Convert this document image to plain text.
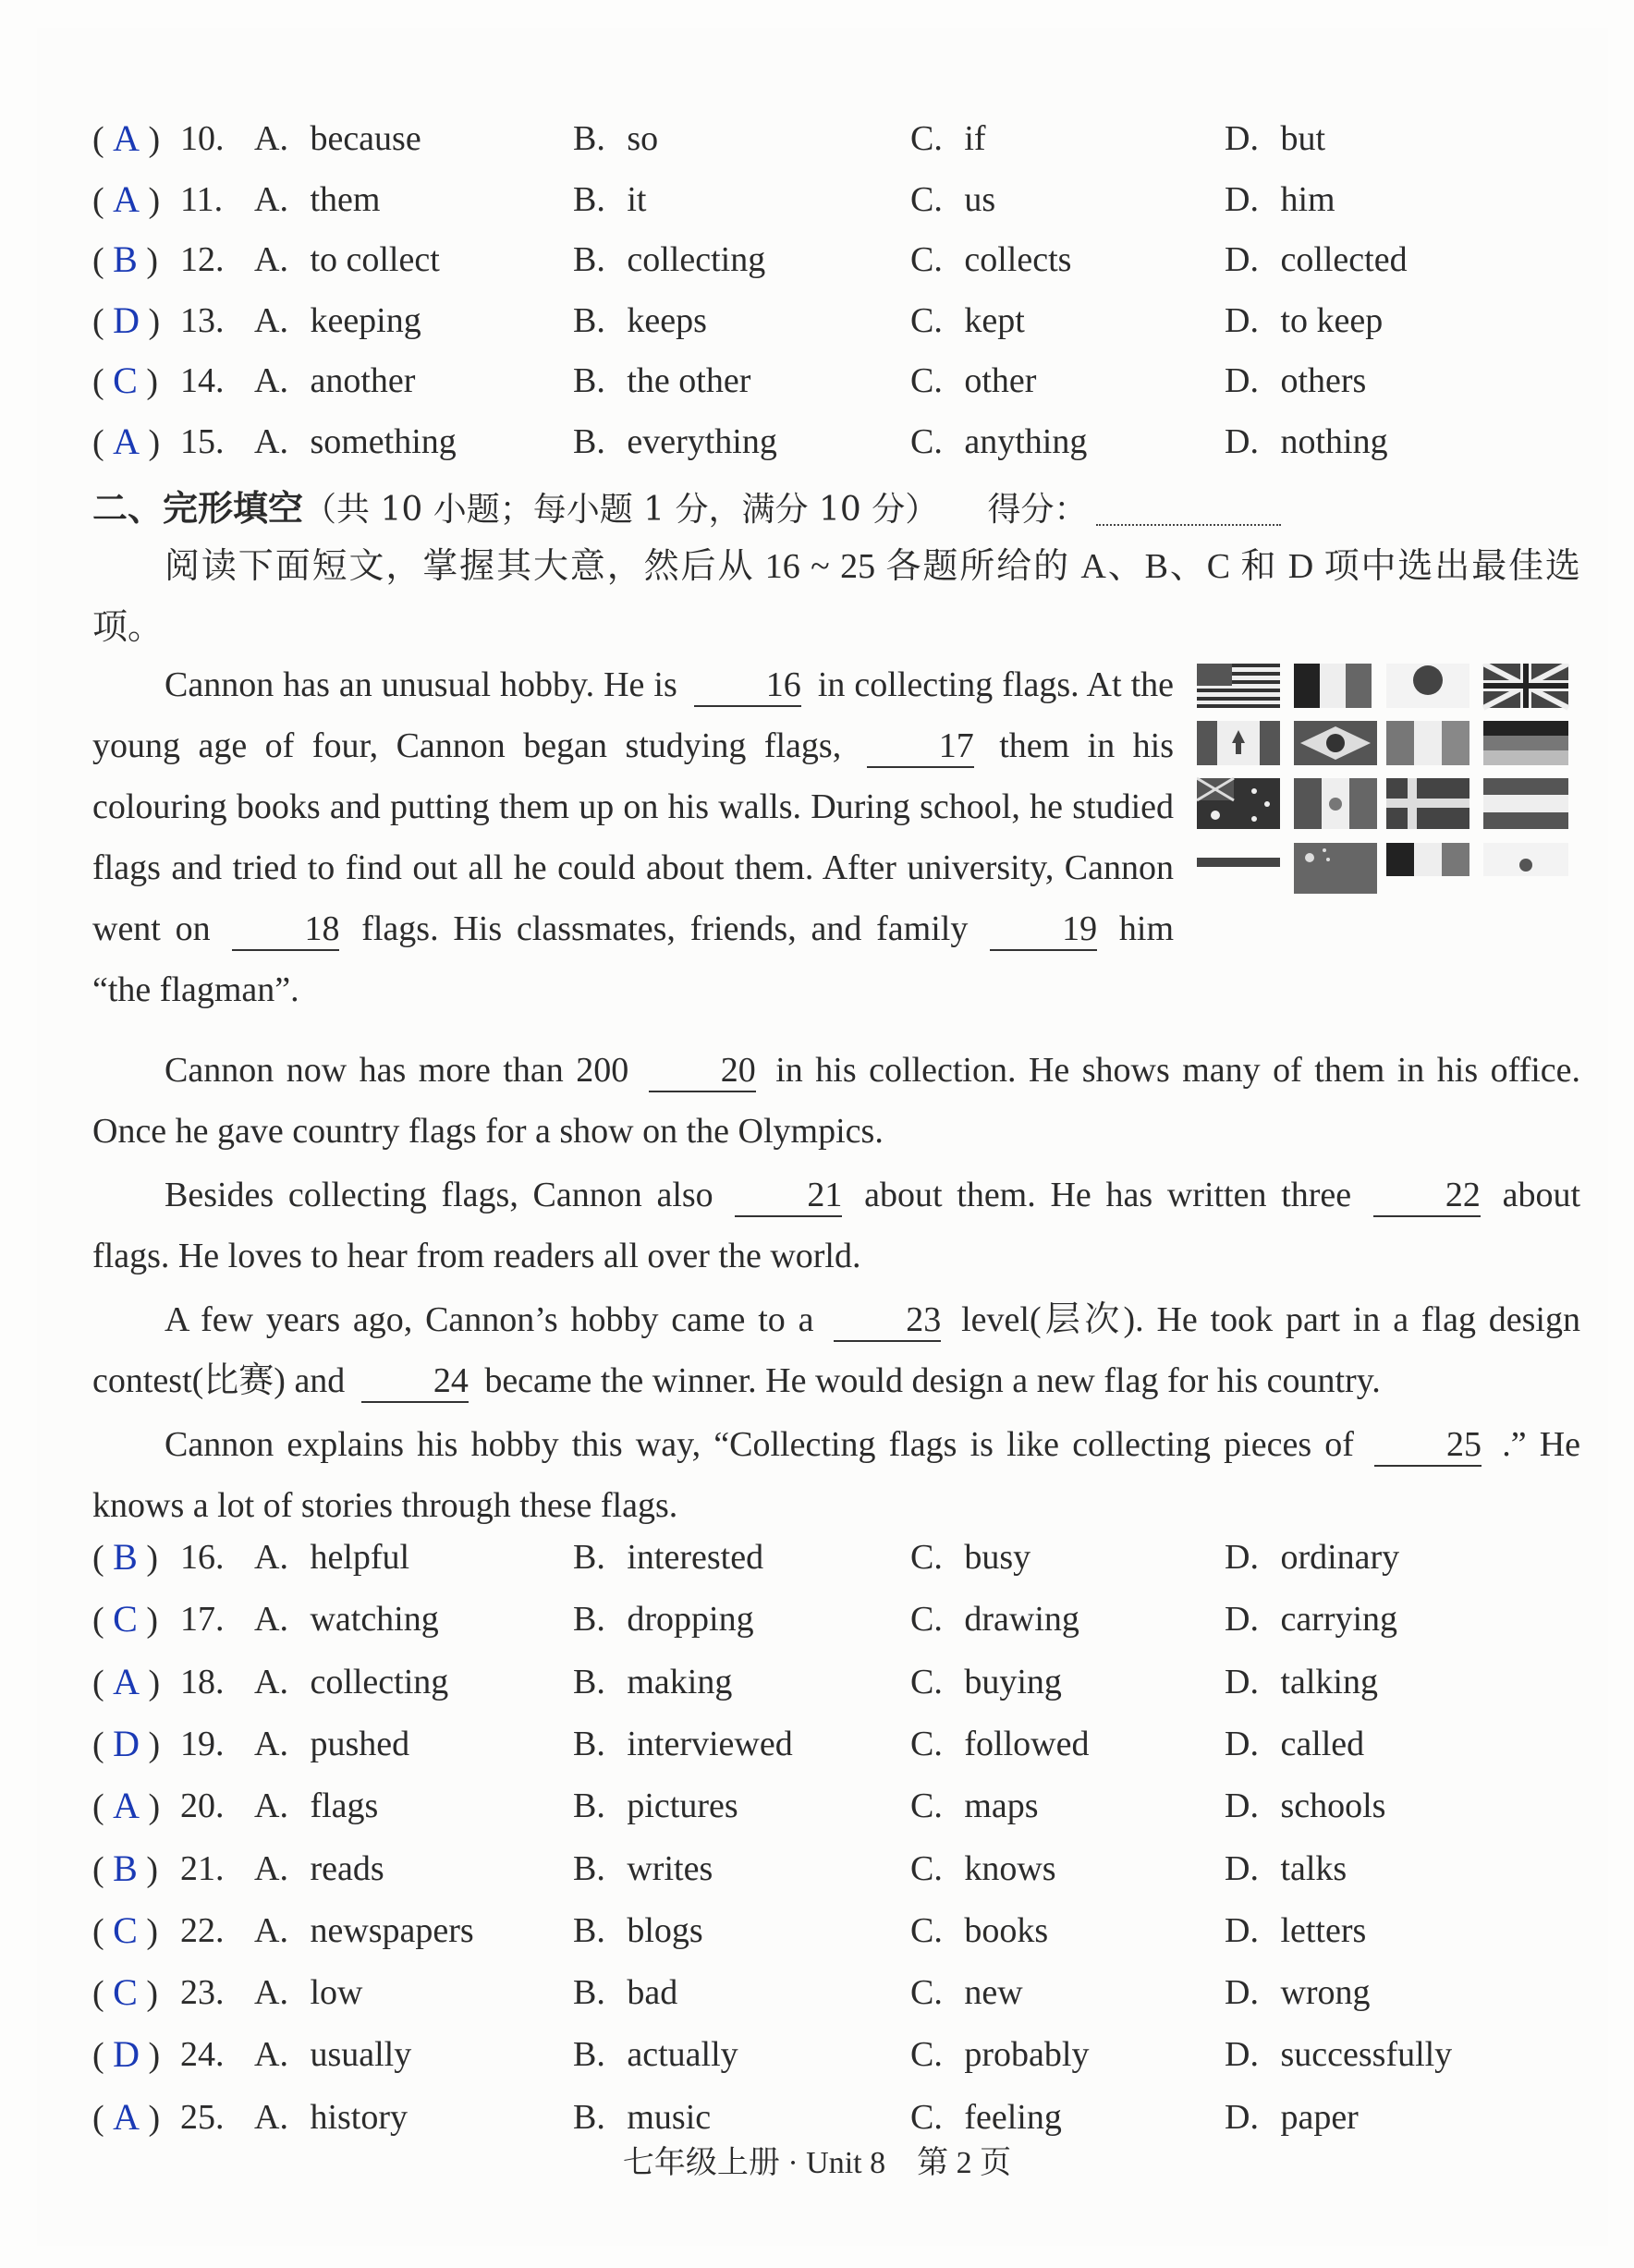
( A ) 10. A. because	B. so	C. if	D. but
( A ) 11. A. them	B. it	C. us	D. him
( B ) 12. A. to collect	B. collecting	C. collects	D. collected
( D ) 13. A. keeping	B. keeps	C. kept	D. to keep
( C ) 14. A. another	B. the other	C. other	D. others
( A ) 15. A. something	B. everything	C. anything	D. nothing
二、完形填空（共 10 小题；每小题 1 分，满分 10 分） 得分：
阅读下面短文，掌握其大意，然后从 16 ~ 25 各题所给的 A、B、C 和 D 项中选出最佳选项。
Cannon has an unusual hobby. He is	16 in collecting flags. At the young age of four, Cannon began studying flags,	17 them in his colouring books and putting them up on his walls. During school, he studied flags and tried to find out all he could about them. After university, Cannon went on	18 flags. His classmates, friends, and family	19 him “the flagman”.
Cannon now has more than 200	20 in his collection. He shows many of them in his office. Once he gave country flags for a show on the Olympics.
Besides collecting flags, Cannon also	21 about them. He has written three	22 about flags. He loves to hear from readers all over the world.
A few years ago, Cannon’s hobby came to a	23 level(层次). He took part in a flag design contest(比赛) and	24 became the winner. He would design a new flag for his country.
Cannon explains his hobby this way, “Collecting flags is like collecting pieces of	25 .” He knows a lot of stories through these flags.
( B ) 16. A. helpful	B. interested	C. busy	D. ordinary
( C ) 17. A. watching	B. dropping	C. drawing	D. carrying
( A ) 18. A. collecting	B. making	C. buying	D. talking
( D ) 19. A. pushed	B. interviewed	C. followed	D. called
( A ) 20. A. flags	B. pictures	C. maps	D. schools
( B ) 21. A. reads	B. writes	C. knows	D. talks
( C ) 22. A. newspapers	B. blogs	C. books	D. letters
( C ) 23. A. low	B. bad	C. new	D. wrong
( D ) 24. A. usually	B. actually	C. probably	D. successfully
( A ) 25. A. history	B. music	C. feeling	D. paper
七年级上册 · Unit 8　第 2 页
